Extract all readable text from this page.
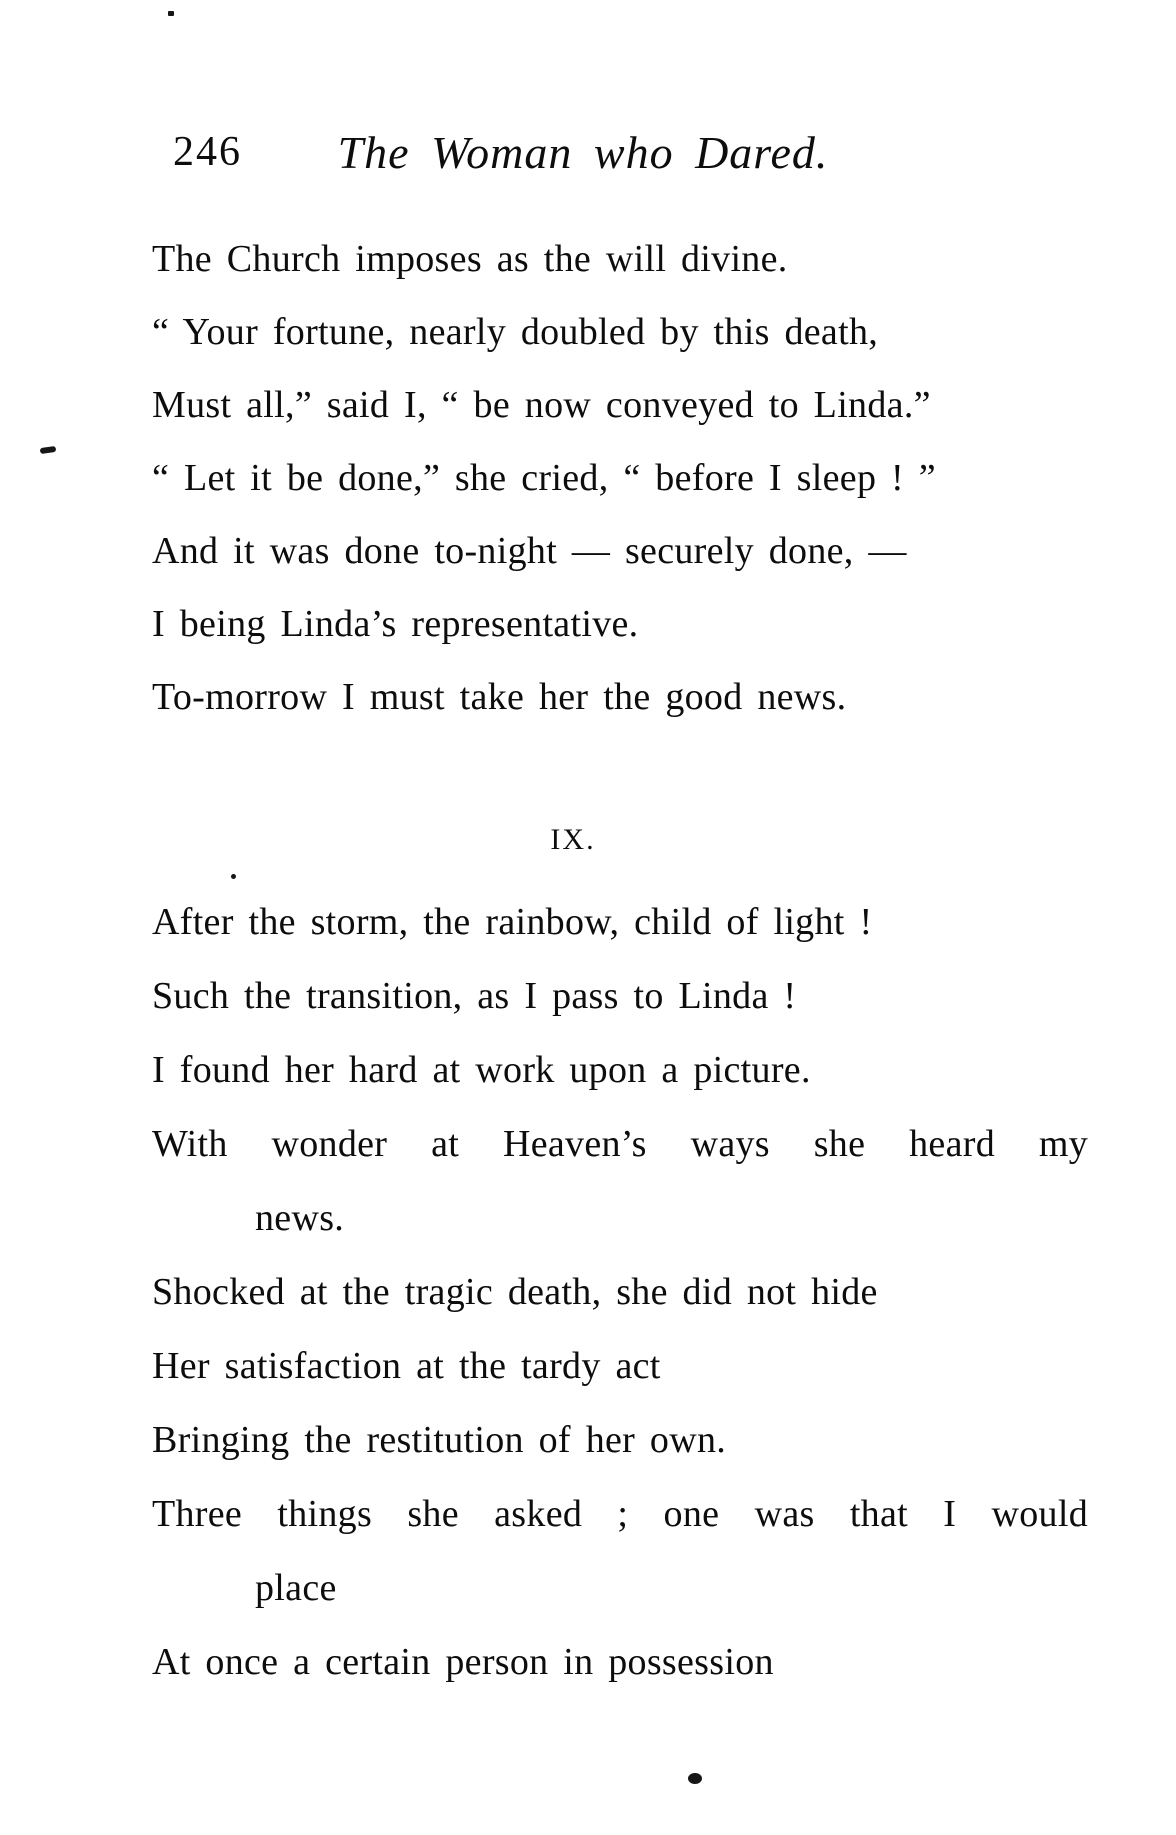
246	The Woman who Dared.

The Church imposes as the will divine.

“ Your fortune, nearly doubled by this death,

Must all,” said I, “ be now conveyed to Linda.”

“ Let it be done,” she cried, “ before I sleep ! ”

And it was done to-night — securely done, —

I being Linda’s representative.

To-morrow I must take her the good news.

IX.

After the storm, the rainbow, child of light !

Such the transition, as I pass to Linda !

I found her hard at work upon a picture.

With wonder at Heaven’s ways she heard my

news.

Shocked at the tragic death, she did not hide

Her satisfaction at the tardy act

Bringing the restitution of her own.

Three things she asked ; one was that I would

place

At once a certain person in possession
